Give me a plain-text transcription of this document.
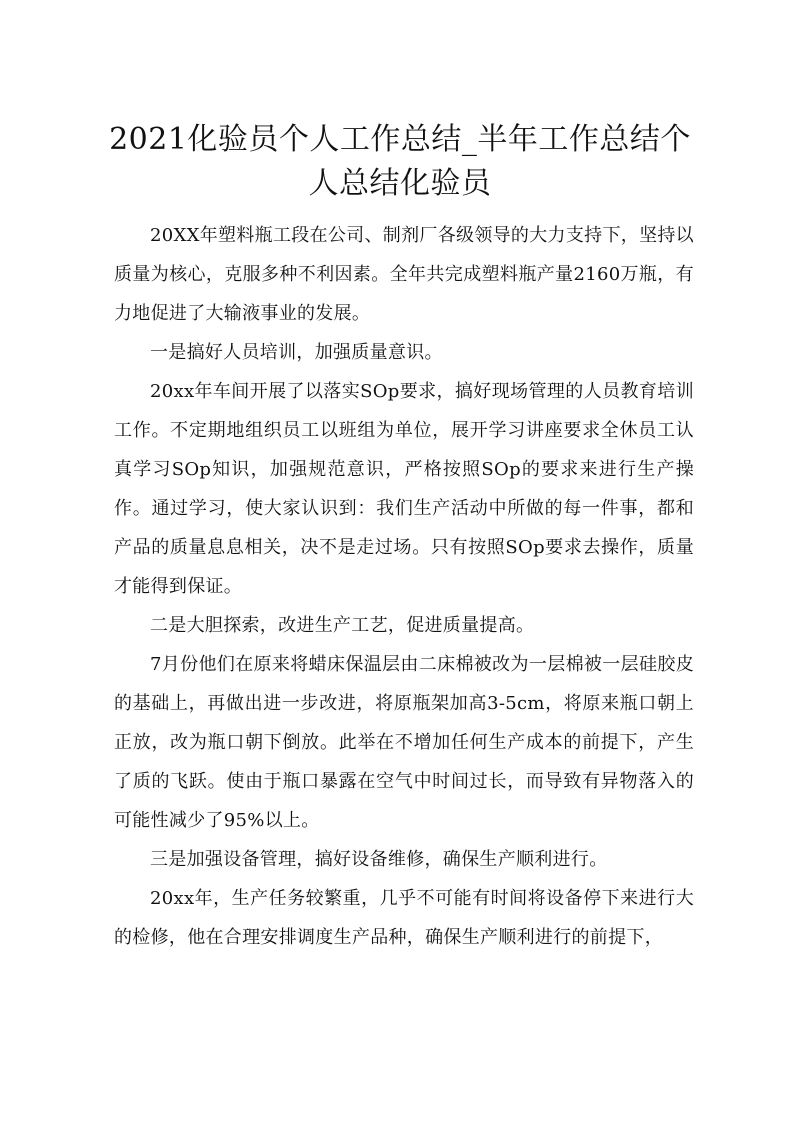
2021化验员个人工作总结_半年工作总结个人总结化验员

20XX年塑料瓶工段在公司、制剂厂各级领导的大力支持下，坚持以质量为核心，克服多种不利因素。全年共完成塑料瓶产量2160万瓶，有力地促进了大输液事业的发展。

一是搞好人员培训，加强质量意识。

20xx年车间开展了以落实SOp要求，搞好现场管理的人员教育培训工作。不定期地组织员工以班组为单位，展开学习讲座要求全休员工认真学习SOp知识，加强规范意识，严格按照SOp的要求来进行生产操作。通过学习，使大家认识到：我们生产活动中所做的每一件事，都和产品的质量息息相关，决不是走过场。只有按照SOp要求去操作，质量才能得到保证。

二是大胆探索，改进生产工艺，促进质量提高。

7月份他们在原来将蜡床保温层由二床棉被改为一层棉被一层硅胶皮的基础上，再做出进一步改进，将原瓶架加高3-5cm，将原来瓶口朝上正放，改为瓶口朝下倒放。此举在不增加任何生产成本的前提下，产生了质的飞跃。使由于瓶口暴露在空气中时间过长，而导致有异物落入的可能性减少了95%以上。

三是加强设备管理，搞好设备维修，确保生产顺利进行。

20xx年，生产任务较繁重，几乎不可能有时间将设备停下来进行大的检修，他在合理安排调度生产品种，确保生产顺利进行的前提下，
